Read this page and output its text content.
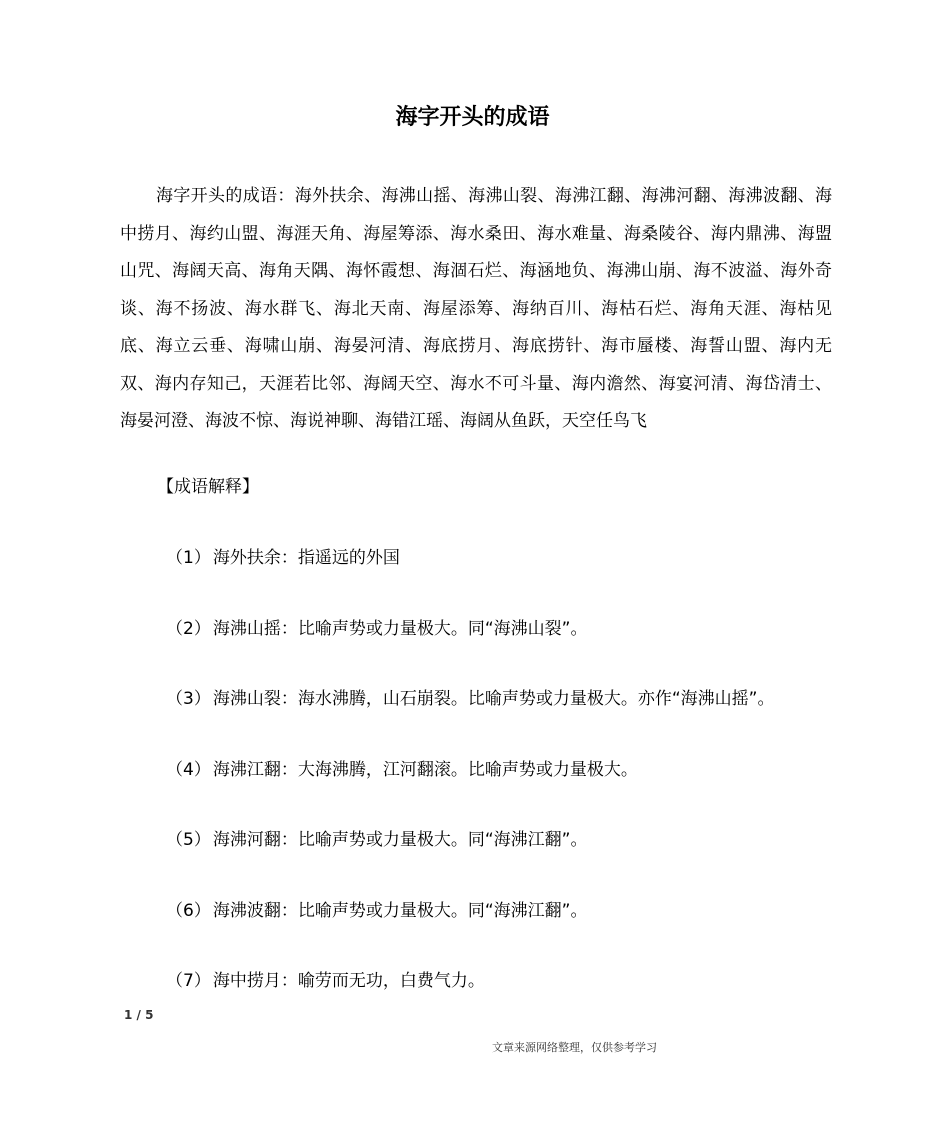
海字开头的成语
海字开头的成语：海外扶余、海沸山摇、海沸山裂、海沸江翻、海沸河翻、海沸波翻、海中捞月、海约山盟、海涯天角、海屋筹添、海水桑田、海水难量、海桑陵谷、海内鼎沸、海盟山咒、海阔天高、海角天隅、海怀霞想、海涸石烂、海涵地负、海沸山崩、海不波溢、海外奇谈、海不扬波、海水群飞、海北天南、海屋添筹、海纳百川、海枯石烂、海角天涯、海枯见底、海立云垂、海啸山崩、海晏河清、海底捞月、海底捞针、海市蜃楼、海誓山盟、海内无双、海内存知己，天涯若比邻、海阔天空、海水不可斗量、海内澹然、海宴河清、海岱清士、海晏河澄、海波不惊、海说神聊、海错江瑶、海阔从鱼跃，天空任鸟飞
【成语解释】
（1） 海外扶余：指遥远的外国
（2） 海沸山摇：比喻声势或力量极大。同“海沸山裂”。
（3） 海沸山裂：海水沸腾，山石崩裂。比喻声势或力量极大。亦作“海沸山摇”。
（4） 海沸江翻：大海沸腾，江河翻滚。比喻声势或力量极大。
（5） 海沸河翻：比喻声势或力量极大。同“海沸江翻”。
（6） 海沸波翻：比喻声势或力量极大。同“海沸江翻”。
（7） 海中捞月：喻劳而无功，白费气力。
1 / 5
文章来源网络整理，仅供参考学习
